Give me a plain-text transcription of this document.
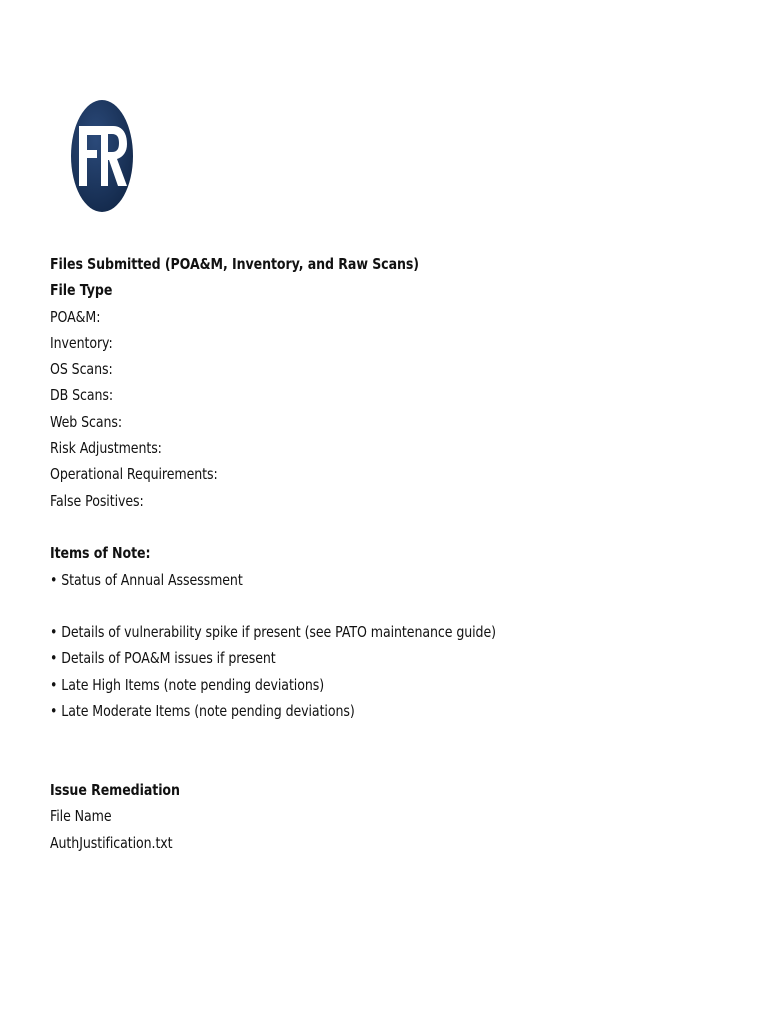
Files Submitted (POA&M, Inventory, and Raw Scans)
File Type
POA&M:
Inventory:
OS Scans:
DB Scans:
Web Scans:
Risk Adjustments:
Operational Requirements:
False Positives:
Items of Note:
• Status of Annual Assessment
• Details of vulnerability spike if present (see PATO maintenance guide)
• Details of POA&M issues if present
• Late High Items (note pending deviations)
• Late Moderate Items (note pending deviations)
Issue Remediation
File Name
AuthJustification.txt
